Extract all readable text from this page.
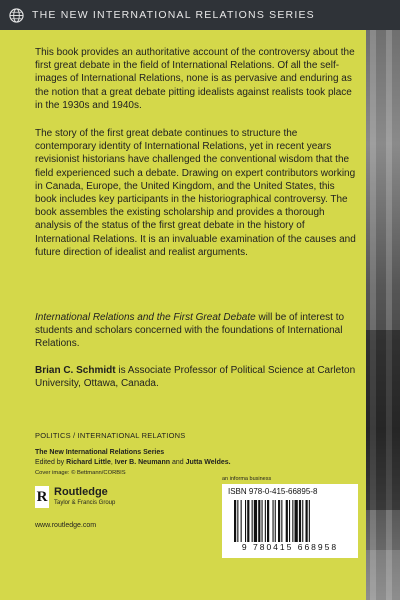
THE NEW INTERNATIONAL RELATIONS SERIES
This book provides an authoritative account of the controversy about the first great debate in the field of International Relations. Of all the self-images of International Relations, none is as pervasive and enduring as the notion that a great debate pitting idealists against realists took place in the 1930s and 1940s.
The story of the first great debate continues to structure the contemporary identity of International Relations, yet in recent years revisionist historians have challenged the conventional wisdom that the field experienced such a debate. Drawing on expert contributors working in Canada, Europe, the United Kingdom, and the United States, this book includes key participants in the historiographical controversy. The book assembles the existing scholarship and provides a thorough analysis of the status of the first great debate in the history of International Relations. It is an invaluable examination of the causes and future direction of idealist and realist arguments.
International Relations and the First Great Debate will be of interest to students and scholars concerned with the foundations of International Relations.
Brian C. Schmidt is Associate Professor of Political Science at Carleton University, Ottawa, Canada.
POLITICS / INTERNATIONAL RELATIONS
The New International Relations Series
Edited by Richard Little, Iver B. Neumann and Jutta Weldes.
Cover image: © Bettmann/CORBIS
an informa business
R Routledge
Taylor & Francis Group
www.routledge.com
ISBN 978-0-415-66895-8
9 780415 668958
